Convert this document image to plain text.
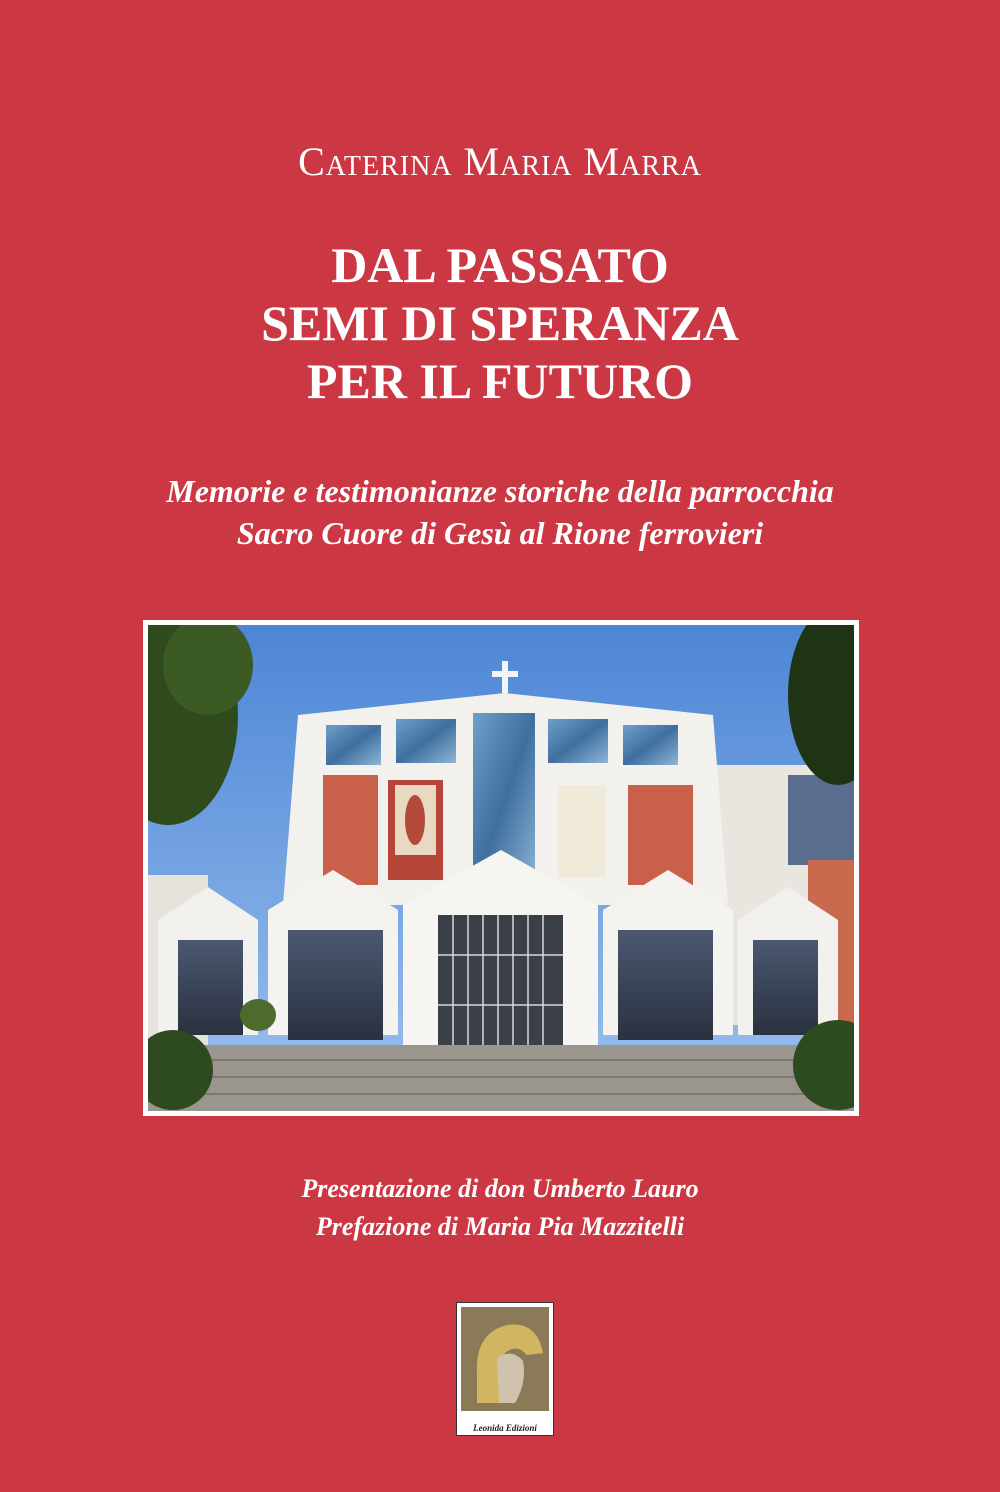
Caterina Maria Marra
DAL PASSATO
SEMI DI SPERANZA
PER IL FUTURO
Memorie e testimonianze storiche della parrocchia
Sacro Cuore di Gesù al Rione ferrovieri
Presentazione di don Umberto Lauro
Prefazione di Maria Pia Mazzitelli
Leonida Edizioni
